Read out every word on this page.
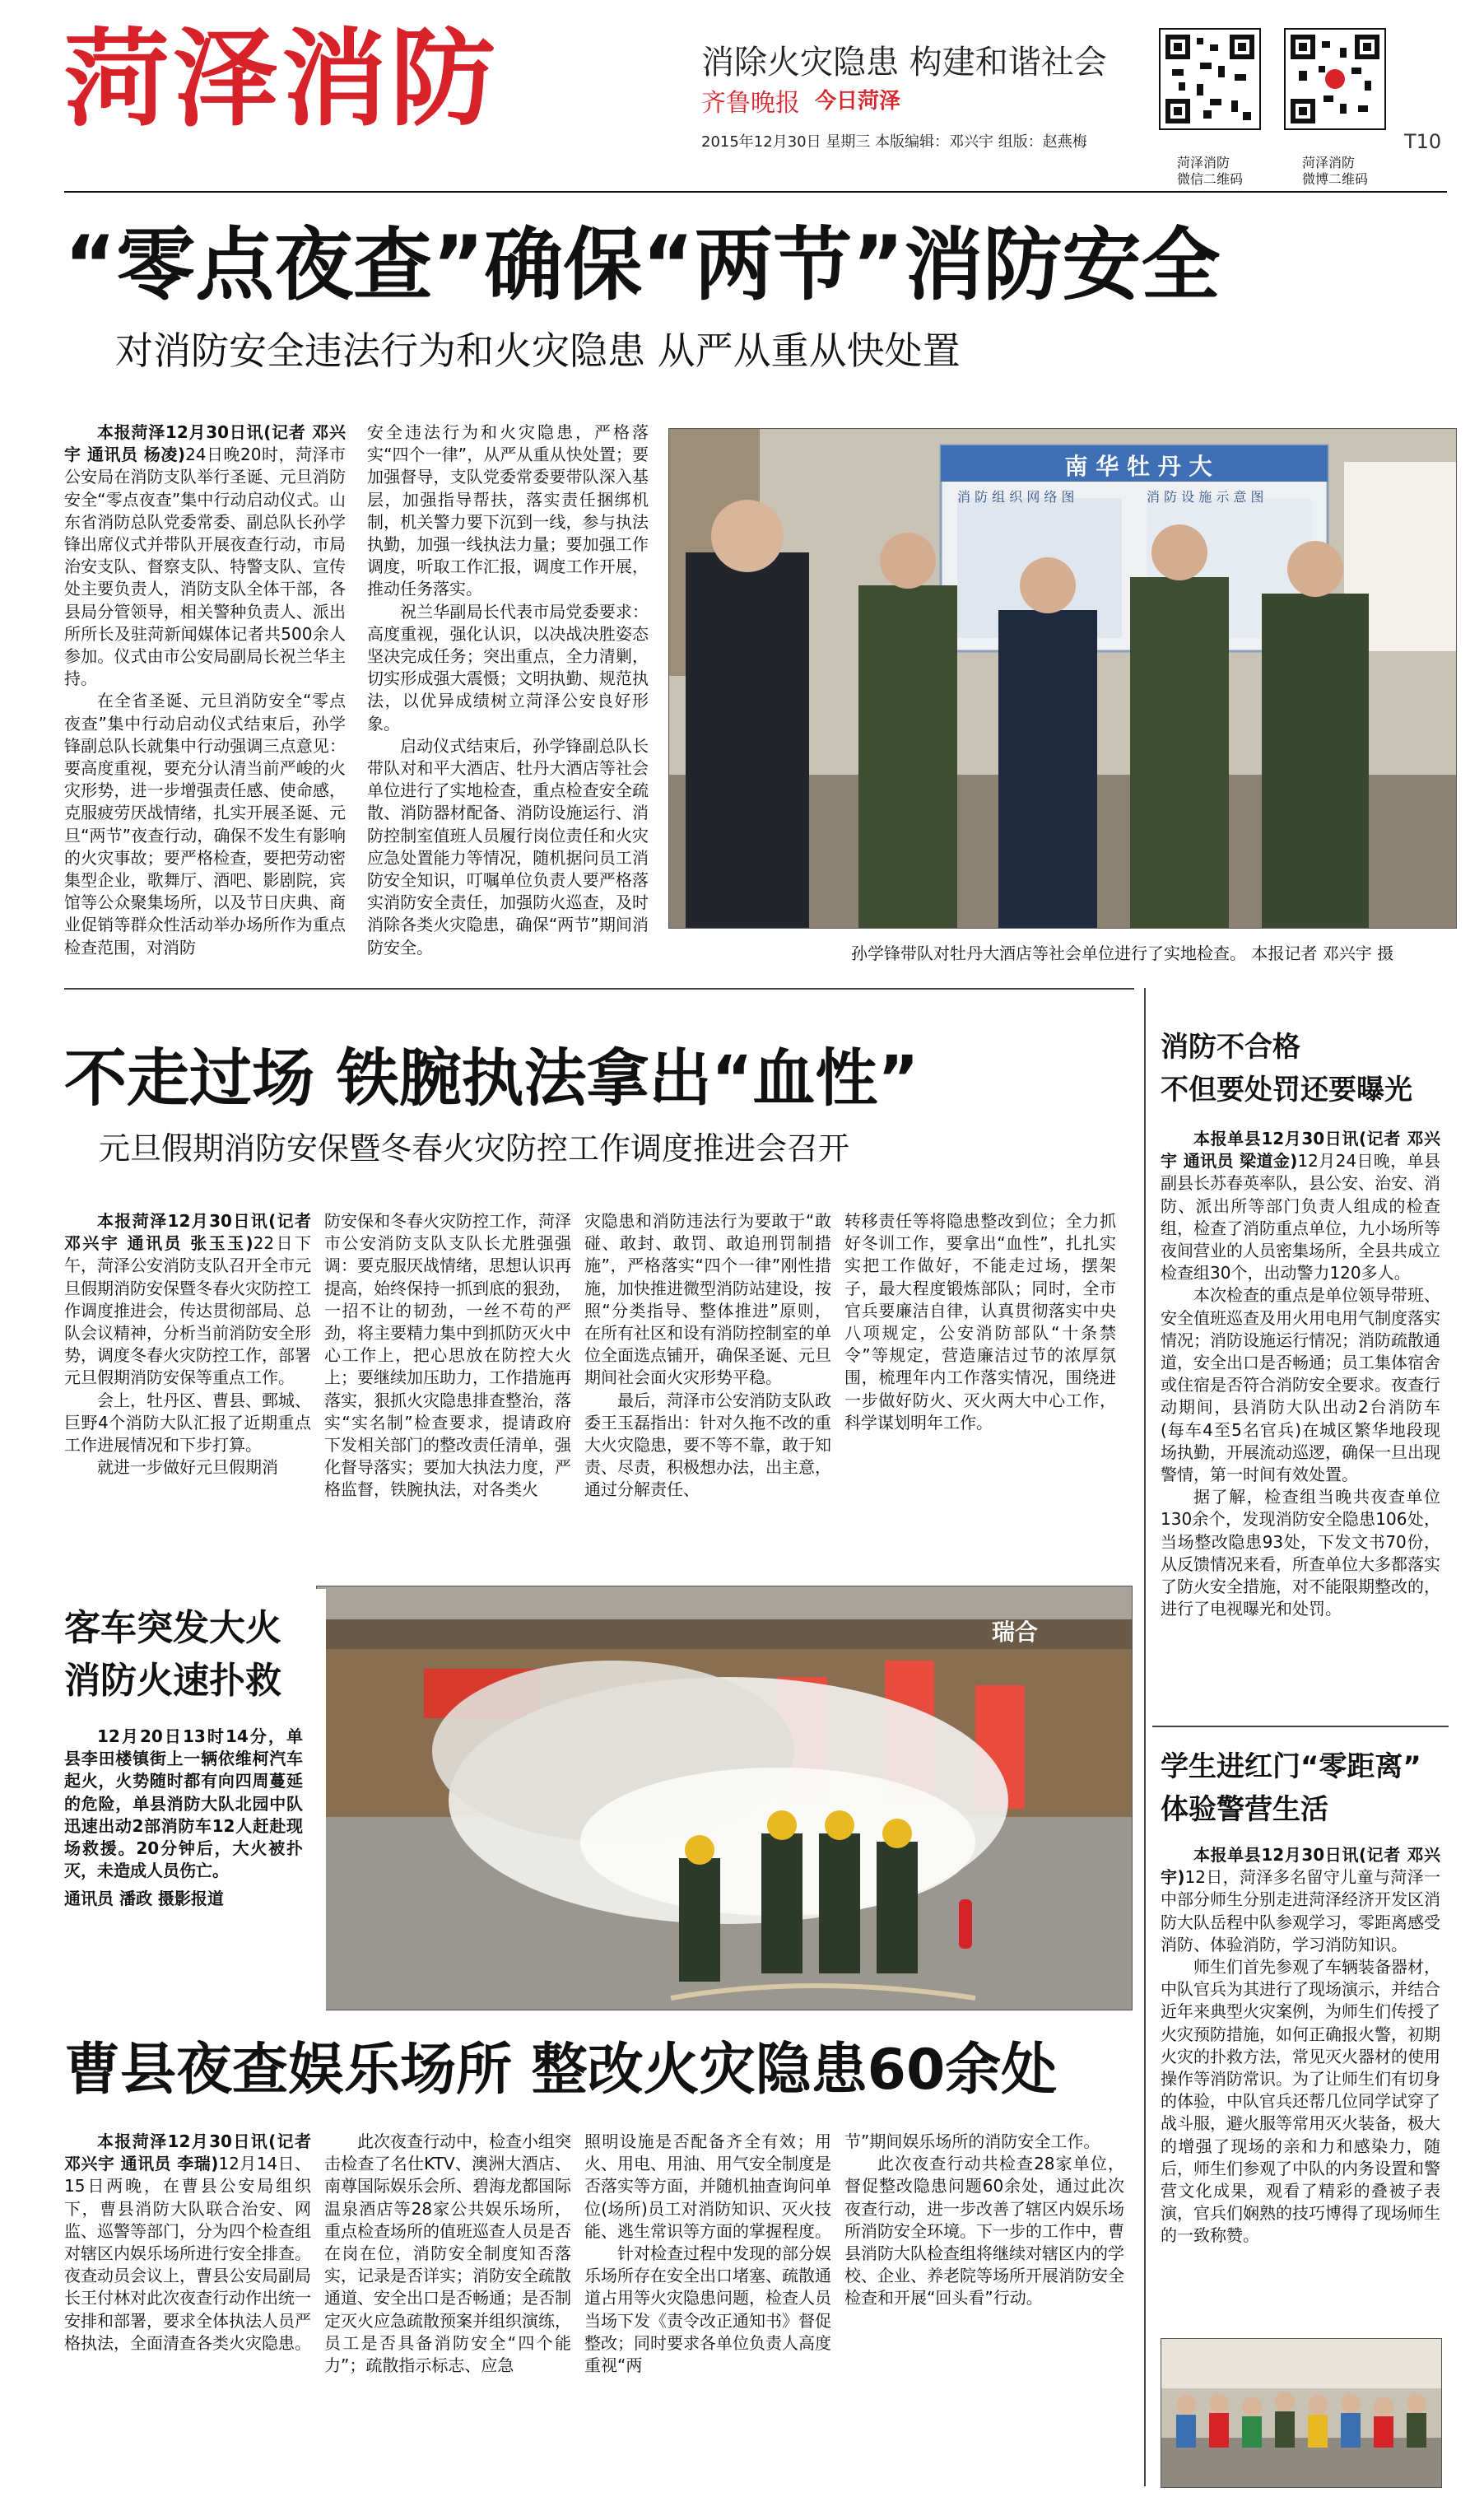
菏泽消防	消除火灾隐患 构建和谐社会
齐鲁晚报 今日菏泽
2015年12月30日 星期三 本版编辑：邓兴宇 组版：赵燕梅
菏泽消防
微信二维码
菏泽消防
微博二维码
T10
“零点夜查”确保“两节”消防安全
对消防安全违法行为和火灾隐患 从严从重从快处置

本报菏泽12月30日讯(记者 邓兴宇 通讯员 杨凌)24日晚20时，菏泽市公安局在消防支队举行圣诞、元旦消防安全“零点夜查”集中行动启动仪式。山东省消防总队党委常委、副总队长孙学锋出席仪式并带队开展夜查行动，市局治安支队、督察支队、特警支队、宣传处主要负责人，消防支队全体干部，各县局分管领导，相关警种负责人、派出所所长及驻菏新闻媒体记者共500余人参加。仪式由市公安局副局长祝兰华主持。

在全省圣诞、元旦消防安全“零点夜查”集中行动启动仪式结束后，孙学锋副总队长就集中行动强调三点意见：要高度重视，要充分认清当前严峻的火灾形势，进一步增强责任感、使命感，克服疲劳厌战情绪，扎实开展圣诞、元旦“两节”夜查行动，确保不发生有影响的火灾事故；要严格检查，要把劳动密集型企业，歌舞厅、酒吧、影剧院，宾馆等公众聚集场所，以及节日庆典、商业促销等群众性活动举办场所作为重点检查范围，对消防

安全违法行为和火灾隐患，严格落实“四个一律”，从严从重从快处置；要加强督导，支队党委常委要带队深入基层，加强指导帮扶，落实责任捆绑机制，机关警力要下沉到一线，参与执法执勤，加强一线执法力量；要加强工作调度，听取工作汇报，调度工作开展，推动任务落实。

祝兰华副局长代表市局党委要求：高度重视，强化认识，以决战决胜姿态坚决完成任务；突出重点，全力清剿，切实形成强大震慑；文明执勤、规范执法，以优异成绩树立菏泽公安良好形象。

启动仪式结束后，孙学锋副总队长带队对和平大酒店、牡丹大酒店等社会单位进行了实地检查，重点检查安全疏散、消防器材配备、消防设施运行、消防控制室值班人员履行岗位责任和火灾应急处置能力等情况，随机据问员工消防安全知识，叮嘱单位负责人要严格落实消防安全责任，加强防火巡查，及时消除各类火灾隐患，确保“两节”期间消防安全。

南 华 牡 丹 大
消 防 组 织 网 络 图	消 防 设 施 示 意 图
孙学锋带队对牡丹大酒店等社会单位进行了实地检查。 本报记者 邓兴宇 摄
不走过场 铁腕执法拿出“血性”
元旦假期消防安保暨冬春火灾防控工作调度推进会召开

本报菏泽12月30日讯(记者 邓兴宇 通讯员 张玉玉)22日下午，菏泽公安消防支队召开全市元旦假期消防安保暨冬春火灾防控工作调度推进会，传达贯彻部局、总队会议精神，分析当前消防安全形势，调度冬春火灾防控工作，部署元旦假期消防安保等重点工作。

会上，牡丹区、曹县、鄄城、巨野4个消防大队汇报了近期重点工作进展情况和下步打算。

就进一步做好元旦假期消

防安保和冬春火灾防控工作，菏泽市公安消防支队支队长尤胜强强调：要克服厌战情绪，思想认识再提高，始终保持一抓到底的狠劲，一招不让的韧劲，一丝不苟的严劲，将主要精力集中到抓防灭火中心工作上，把心思放在防控大火上；要继续加压助力，工作措施再落实，狠抓火灾隐患排查整治，落实“实名制”检查要求，提请政府下发相关部门的整改责任清单，强化督导落实；要加大执法力度，严格监督，铁腕执法，对各类火

灾隐患和消防违法行为要敢于“敢碰、敢封、敢罚、敢追刑罚制措施”，严格落实“四个一律”刚性措施，加快推进微型消防站建设，按照“分类指导、整体推进”原则，在所有社区和设有消防控制室的单位全面选点铺开，确保圣诞、元旦期间社会面火灾形势平稳。

最后，菏泽市公安消防支队政委王玉磊指出：针对久拖不改的重大火灾隐患，要不等不靠，敢于知责、尽责，积极想办法，出主意，通过分解责任、

转移责任等将隐患整改到位；全力抓好冬训工作，要拿出“血性”，扎扎实实把工作做好，不能走过场，摆架子，最大程度锻炼部队；同时，全市官兵要廉洁自律，认真贯彻落实中央八项规定，公安消防部队“十条禁令”等规定，营造廉洁过节的浓厚氛围，梳理年内工作落实情况，围绕进一步做好防火、灭火两大中心工作，科学谋划明年工作。

瑞合
客车突发大火
消防火速扑救

12月20日13时14分，单县李田楼镇街上一辆依维柯汽车起火，火势随时都有向四周蔓延的危险，单县消防大队北园中队迅速出动2部消防车12人赶赴现场救援。20分钟后，大火被扑灭，未造成人员伤亡。

通讯员 潘政 摄影报道
曹县夜查娱乐场所 整改火灾隐患60余处

本报菏泽12月30日讯(记者 邓兴宇 通讯员 李瑞)12月14日、15日两晚，在曹县公安局组织下，曹县消防大队联合治安、网监、巡警等部门，分为四个检查组对辖区内娱乐场所进行安全排查。夜查动员会议上，曹县公安局副局长王付林对此次夜查行动作出统一安排和部署，要求全体执法人员严格执法，全面清查各类火灾隐患。

此次夜查行动中，检查小组突击检查了名仕KTV、澳洲大酒店、南尊国际娱乐会所、碧海龙都国际温泉酒店等28家公共娱乐场所，重点检查场所的值班巡查人员是否在岗在位，消防安全制度知否落实，记录是否详实；消防安全疏散通道、安全出口是否畅通；是否制定灭火应急疏散预案并组织演练，员工是否具备消防安全“四个能力”；疏散指示标志、应急

照明设施是否配备齐全有效；用火、用电、用油、用气安全制度是否落实等方面，并随机抽查询问单位(场所)员工对消防知识、灭火技能、逃生常识等方面的掌握程度。

针对检查过程中发现的部分娱乐场所存在安全出口堵塞、疏散通道占用等火灾隐患问题，检查人员当场下发《责令改正通知书》督促整改；同时要求各单位负责人高度重视“两

节”期间娱乐场所的消防安全工作。

此次夜查行动共检查28家单位，督促整改隐患问题60余处，通过此次夜查行动，进一步改善了辖区内娱乐场所消防安全环境。下一步的工作中，曹县消防大队检查组将继续对辖区内的学校、企业、养老院等场所开展消防安全检查和开展“回头看”行动。

消防不合格
不但要处罚还要曝光

本报单县12月30日讯(记者 邓兴宇 通讯员 梁道金)12月24日晚，单县副县长苏春英率队，县公安、治安、消防、派出所等部门负责人组成的检查组，检查了消防重点单位，九小场所等夜间营业的人员密集场所，全县共成立检查组30个，出动警力120多人。

本次检查的重点是单位领导带班、安全值班巡查及用火用电用气制度落实情况；消防设施运行情况；消防疏散通道，安全出口是否畅通；员工集体宿舍或住宿是否符合消防安全要求。夜查行动期间，县消防大队出动2台消防车(每车4至5名官兵)在城区繁华地段现场执勤，开展流动巡逻，确保一旦出现警情，第一时间有效处置。

据了解，检查组当晚共夜查单位130余个，发现消防安全隐患106处，当场整改隐患93处，下发文书70份，从反馈情况来看，所查单位大多都落实了防火安全措施，对不能限期整改的，进行了电视曝光和处罚。

学生进红门“零距离”
体验警营生活

本报单县12月30日讯(记者 邓兴宇)12日，菏泽多名留守儿童与菏泽一中部分师生分别走进菏泽经济开发区消防大队岳程中队参观学习，零距离感受消防、体验消防，学习消防知识。

师生们首先参观了车辆装备器材，中队官兵为其进行了现场演示，并结合近年来典型火灾案例，为师生们传授了火灾预防措施，如何正确报火警，初期火灾的扑救方法，常见灭火器材的使用操作等消防常识。为了让师生们有切身的体验，中队官兵还帮几位同学试穿了战斗服，避火服等常用灭火装备，极大的增强了现场的亲和力和感染力，随后，师生们参观了中队的内务设置和警营文化成果，观看了精彩的叠被子表演，官兵们娴熟的技巧博得了现场师生的一致称赞。
